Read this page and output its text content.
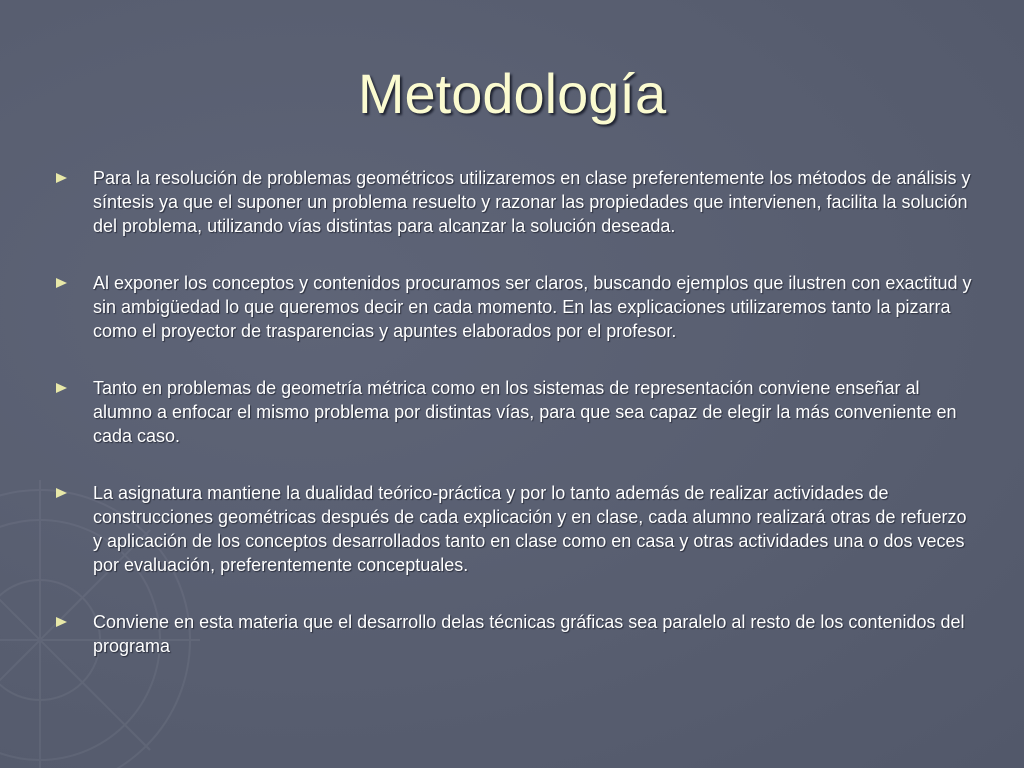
Metodología
Para la resolución de problemas geométricos utilizaremos en clase preferentemente los métodos de análisis y síntesis ya que el suponer un problema resuelto y razonar las propiedades que intervienen, facilita la solución del problema, utilizando vías distintas para alcanzar la solución deseada.
Al exponer los conceptos y contenidos procuramos ser claros, buscando ejemplos que ilustren con exactitud y sin ambigüedad lo que queremos decir en cada momento. En las explicaciones utilizaremos tanto la pizarra como el proyector de trasparencias y apuntes elaborados por el profesor.
Tanto en problemas de geometría métrica como en los sistemas de representación conviene enseñar al alumno a enfocar el mismo problema por distintas vías, para que sea capaz de elegir la más conveniente en cada caso.
La asignatura mantiene la dualidad teórico-práctica y por lo tanto además de realizar actividades de construcciones geométricas después de cada explicación y en clase, cada alumno realizará otras de refuerzo y aplicación de los conceptos desarrollados tanto en clase como en casa y otras actividades una o dos veces por evaluación, preferentemente conceptuales.
Conviene en esta materia que el desarrollo delas técnicas gráficas sea paralelo al resto de los contenidos del programa
